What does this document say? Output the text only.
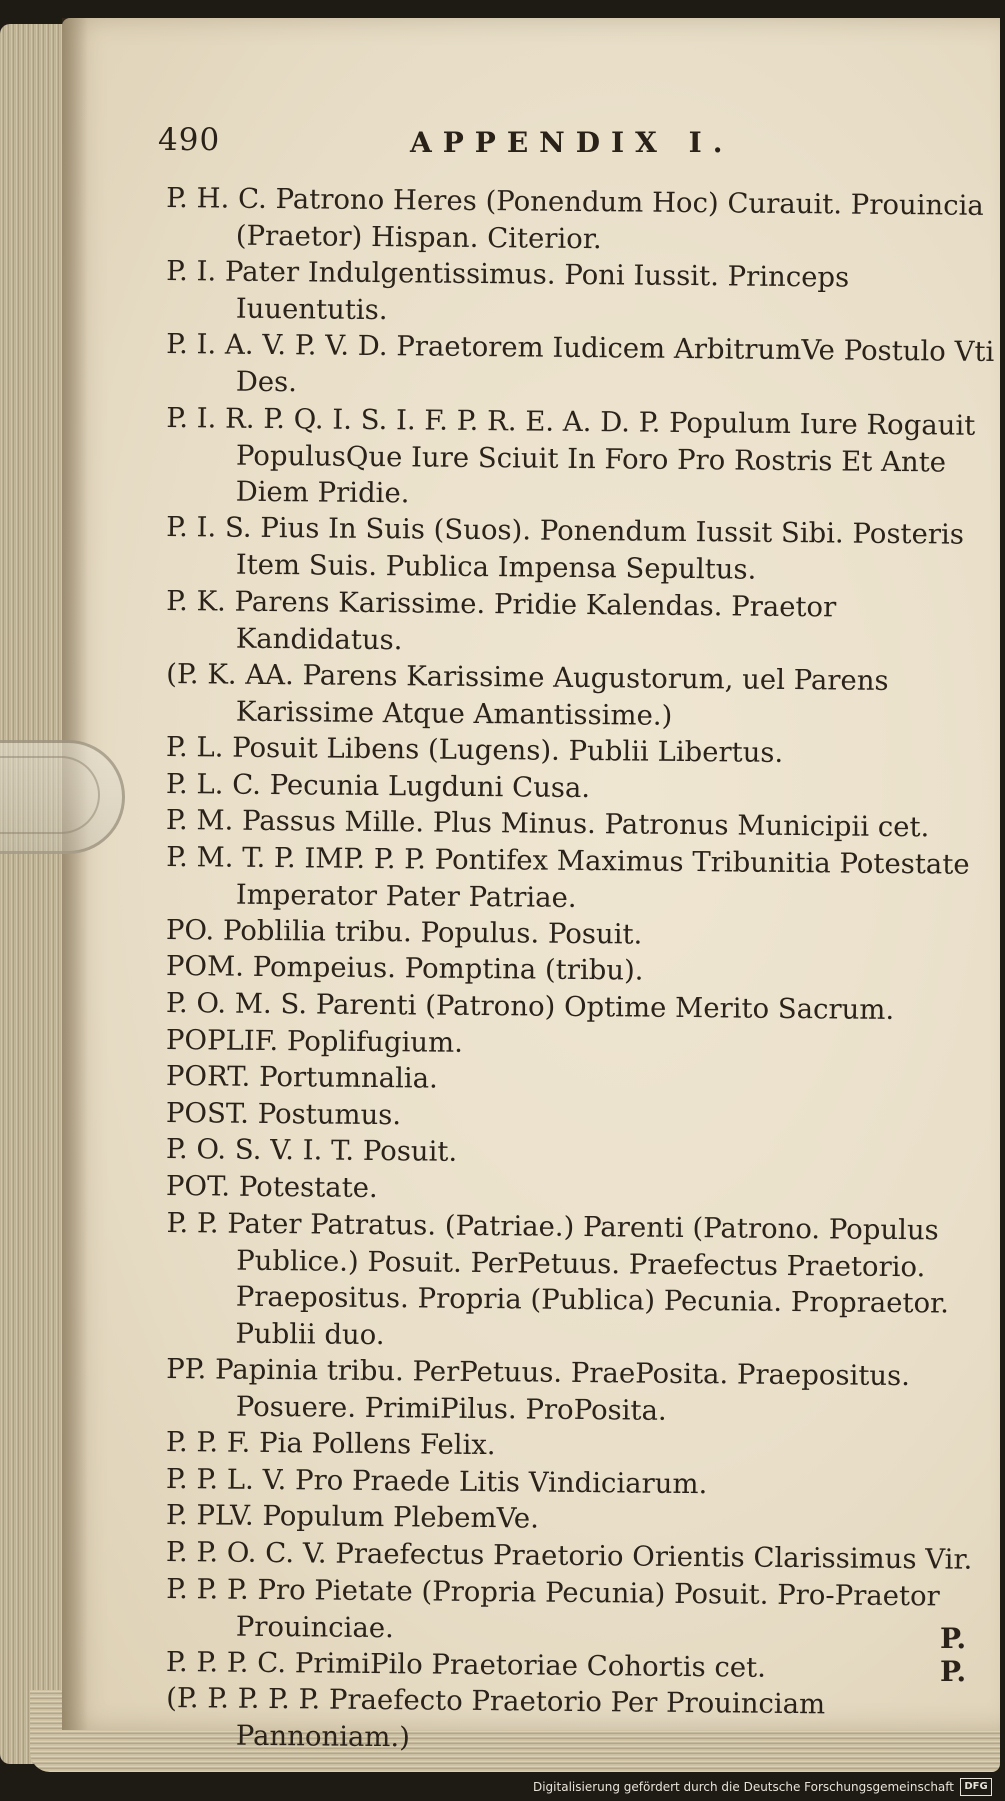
490	APPENDIX I.
P. H. C. Patrono Heres (Ponendum Hoc) Curauit. Prouincia (Praetor) Hispan. Citerior.
P. I. Pater Indulgentissimus. Poni Iussit. Princeps Iuuentutis.
P. I. A. V. P. V. D. Praetorem Iudicem ArbitrumVe Postulo Vti Des.
P. I. R. P. Q. I. S. I. F. P. R. E. A. D. P. Populum Iure Rogauit PopulusQue Iure Sciuit In Foro Pro Rostris Et Ante Diem Pridie.
P. I. S. Pius In Suis (Suos). Ponendum Iussit Sibi. Posteris Item Suis. Publica Impensa Sepultus.
P. K. Parens Karissime. Pridie Kalendas. Praetor Kandidatus.
(P. K. AA. Parens Karissime Augustorum, uel Parens Karissime Atque Amantissime.)
P. L. Posuit Libens (Lugens). Publii Libertus.
P. L. C. Pecunia Lugduni Cusa.
P. M. Passus Mille. Plus Minus. Patronus Municipii cet.
P. M. T. P. IMP. P. P. Pontifex Maximus Tribunitia Potestate Imperator Pater Patriae.
PO. Poblilia tribu. Populus. Posuit.
POM. Pompeius. Pomptina (tribu).
P. O. M. S. Parenti (Patrono) Optime Merito Sacrum.
POPLIF. Poplifugium.
PORT. Portumnalia.
POST. Postumus.
P. O. S. V. I. T. Posuit.
POT. Potestate.
P. P. Pater Patratus. (Patriae.) Parenti (Patrono. Populus Publice.) Posuit. PerPetuus. Praefectus Praetorio. Praepositus. Propria (Publica) Pecunia. Propraetor. Publii duo.
PP. Papinia tribu. PerPetuus. PraePosita. Praepositus. Posuere. PrimiPilus. ProPosita.
P. P. F. Pia Pollens Felix.
P. P. L. V. Pro Praede Litis Vindiciarum.
P. PLV. Populum PlebemVe.
P. P. O. C. V. Praefectus Praetorio Orientis Clarissimus Vir.
P. P. P. Pro Pietate (Propria Pecunia) Posuit. Pro-Praetor Prouinciae.
P. P. P. C. PrimiPilo Praetoriae Cohortis cet.
(P. P. P. P. P. Praefecto Praetorio Per Prouinciam Pannoniam.)
P. P.
Digitalisierung gefördert durch die Deutsche Forschungsgemeinschaft	DFG
